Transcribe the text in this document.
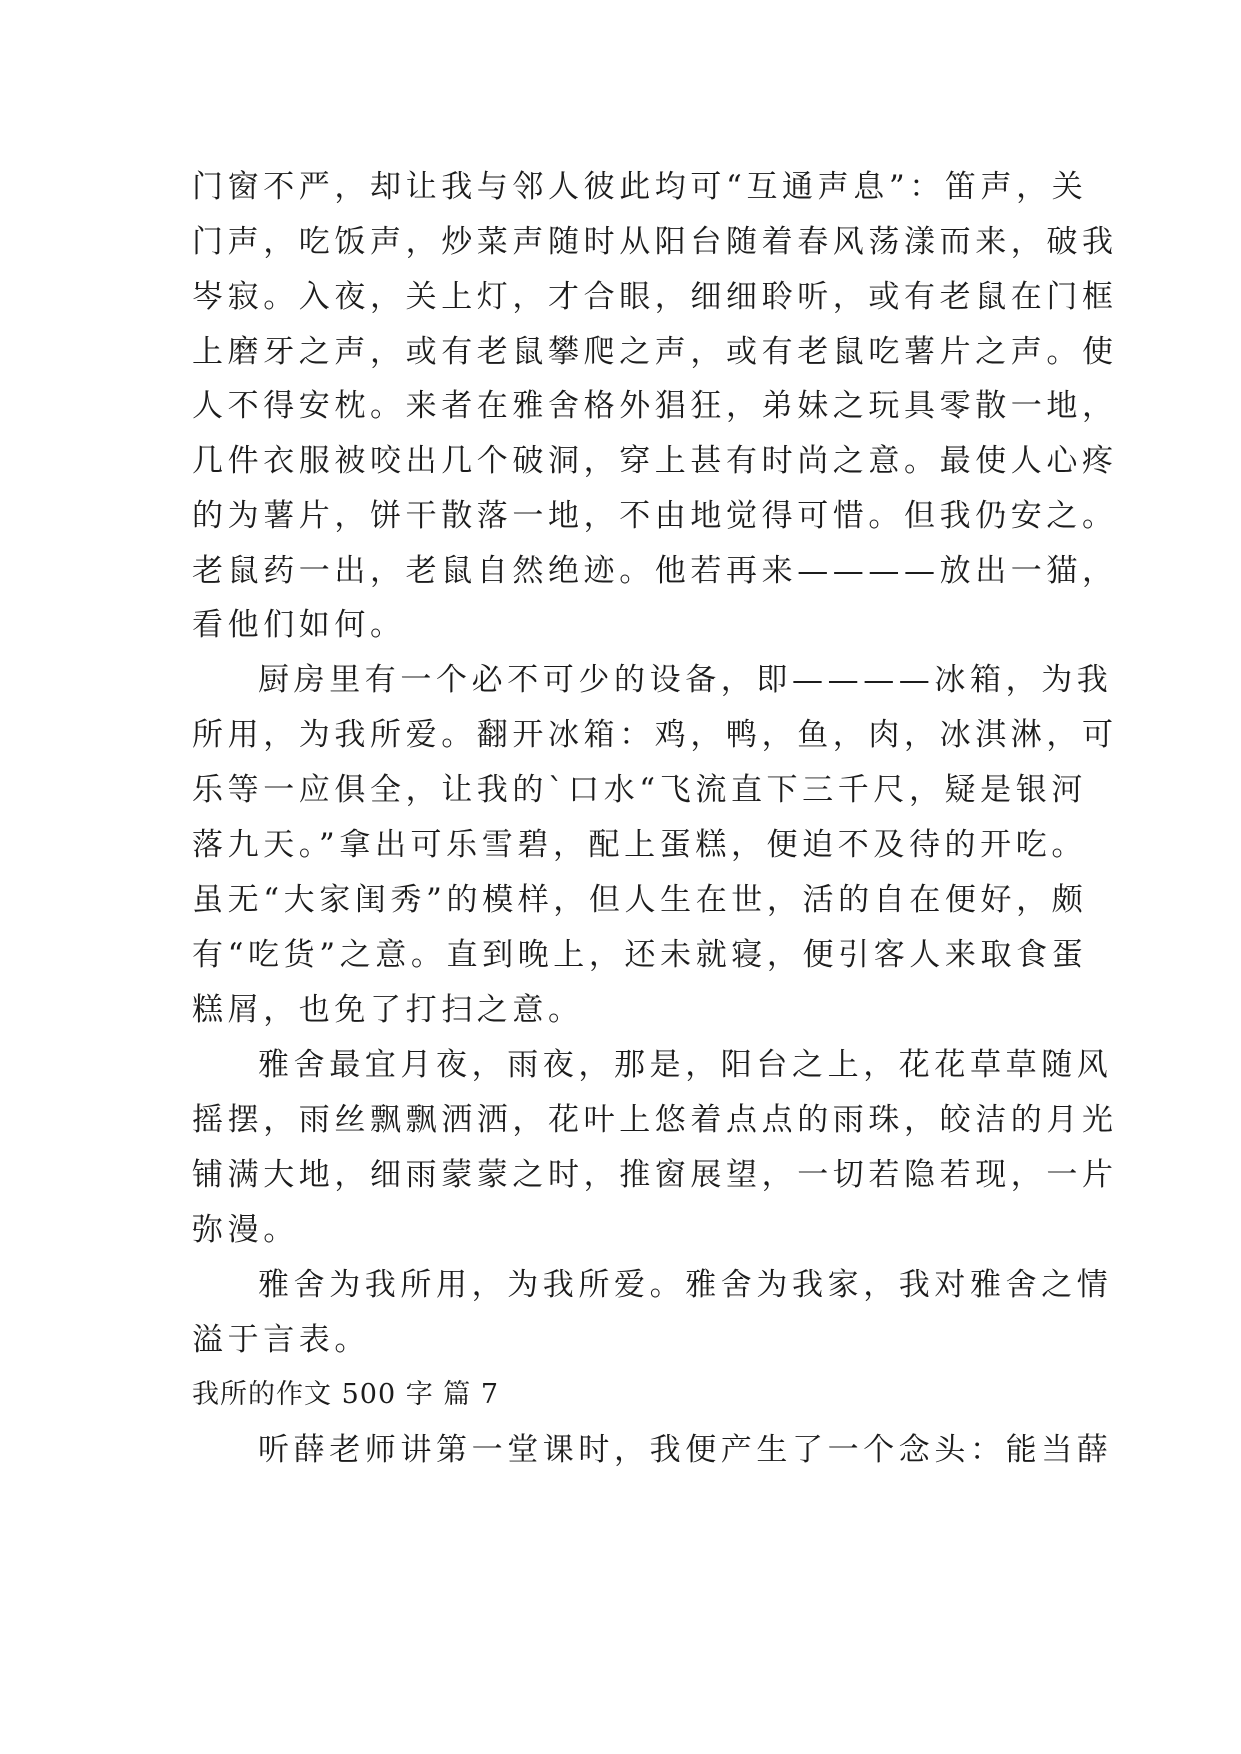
门窗不严，却让我与邻人彼此均可“互通声息”：笛声，关
门声，吃饭声，炒菜声随时从阳台随着春风荡漾而来，破我
岑寂。入夜，关上灯，才合眼，细细聆听，或有老鼠在门框
上磨牙之声，或有老鼠攀爬之声，或有老鼠吃薯片之声。使
人不得安枕。来者在雅舍格外猖狂，弟妹之玩具零散一地，
几件衣服被咬出几个破洞，穿上甚有时尚之意。最使人心疼
的为薯片，饼干散落一地，不由地觉得可惜。但我仍安之。
老鼠药一出，老鼠自然绝迹。他若再来————放出一猫，
看他们如何。
厨房里有一个必不可少的设备，即————冰箱，为我
所用，为我所爱。翻开冰箱：鸡，鸭，鱼，肉，冰淇淋，可
乐等一应俱全，让我的`口水“飞流直下三千尺，疑是银河
落九天。”拿出可乐雪碧，配上蛋糕，便迫不及待的开吃。
虽无“大家闺秀”的模样，但人生在世，活的自在便好，颇
有“吃货”之意。直到晚上，还未就寝，便引客人来取食蛋
糕屑，也免了打扫之意。
雅舍最宜月夜，雨夜，那是，阳台之上，花花草草随风
摇摆，雨丝飘飘洒洒，花叶上悠着点点的雨珠，皎洁的月光
铺满大地，细雨蒙蒙之时，推窗展望，一切若隐若现，一片
弥漫。
雅舍为我所用，为我所爱。雅舍为我家，我对雅舍之情
溢于言表。
我所的作文 500 字 篇 7
听薛老师讲第一堂课时，我便产生了一个念头：能当薛
